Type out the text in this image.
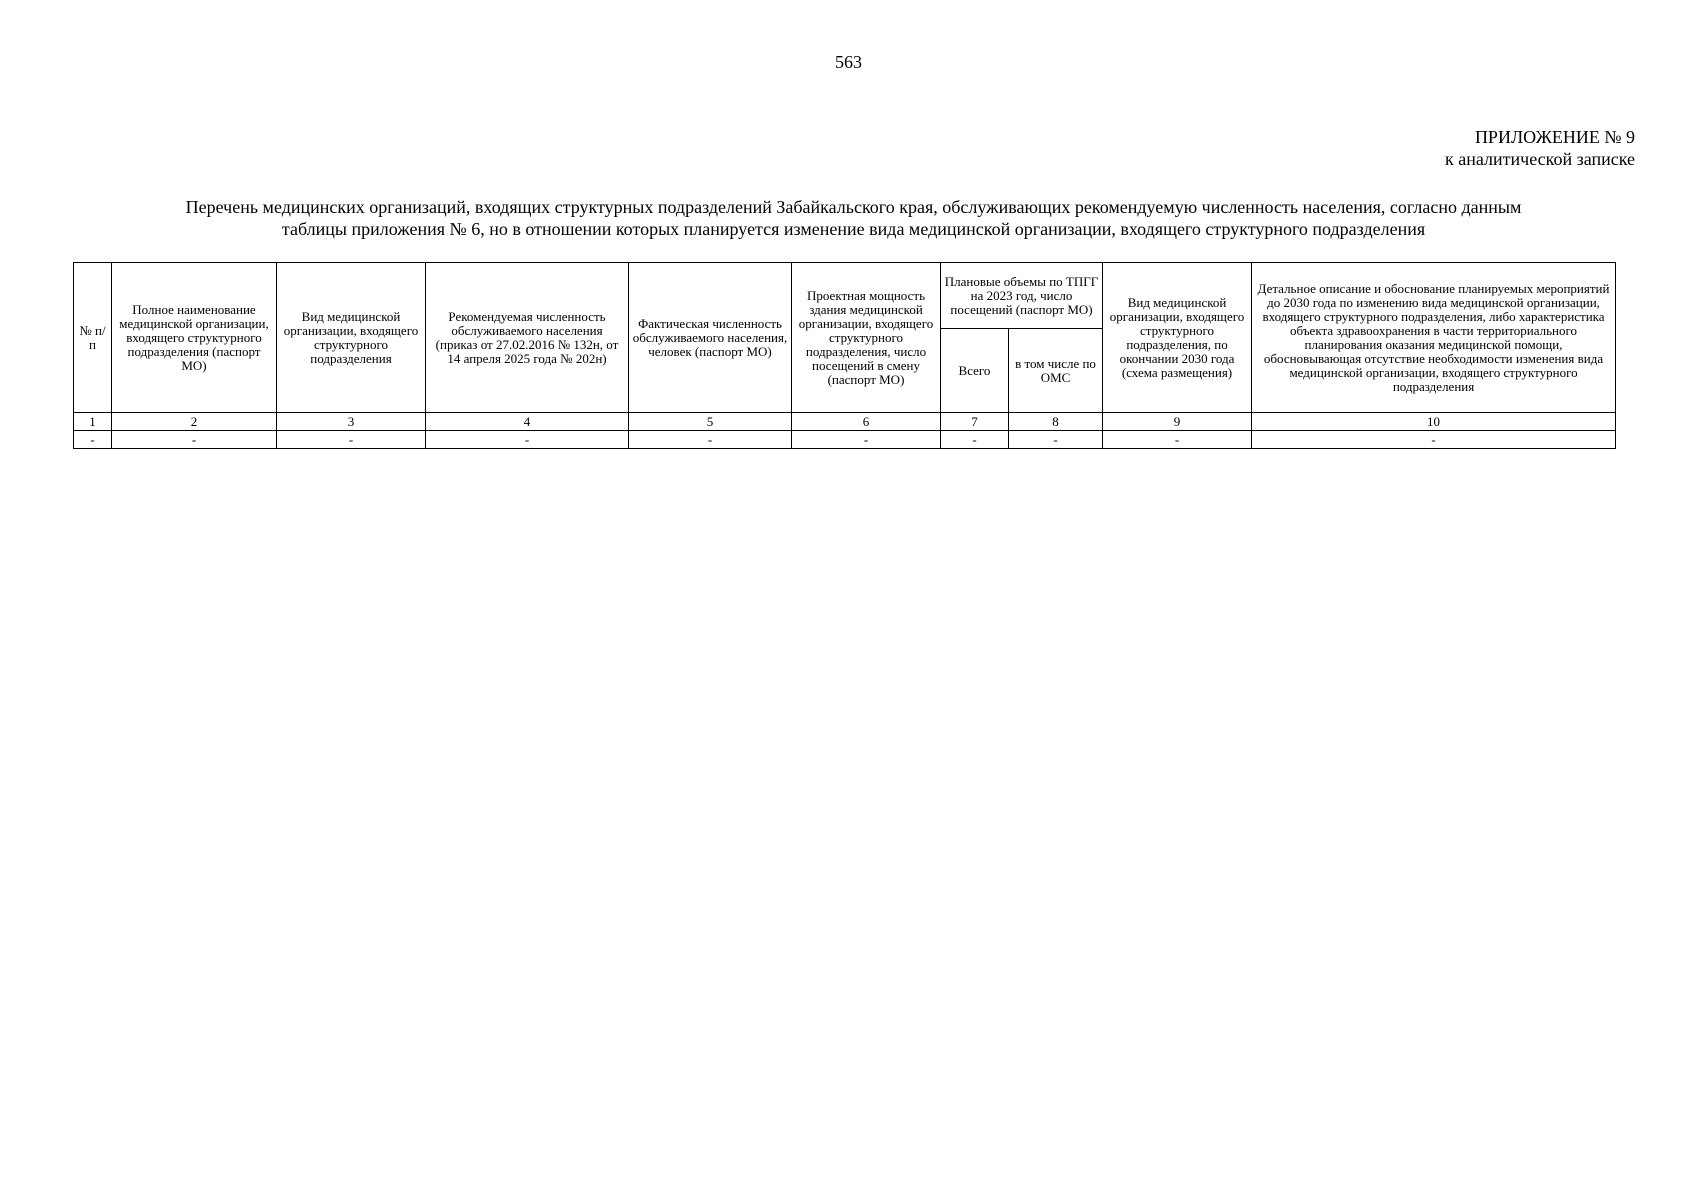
563
ПРИЛОЖЕНИЕ № 9
к аналитической записке
Перечень медицинских организаций, входящих структурных подразделений Забайкальского края, обслуживающих рекомендуемую численность населения, согласно данным
таблицы приложения № 6, но в отношении которых планируется изменение вида медицинской организации, входящего структурного подразделения
№ п/п	Полное наименование медицинской организации, входящего структурного подразделения (паспорт МО)	Вид медицинской организации, входящего структурного подразделения	Рекомендуемая численность обслуживаемого населения (приказ от 27.02.2016 № 132н, от 14 апреля 2025 года № 202н)	Фактическая численность обслуживаемого населения, человек (паспорт МО)	Проектная мощность здания медицинской организации, входящего структурного подразделения, число посещений в смену (паспорт МО)	Плановые объемы по ТПГГ на 2023 год, число посещений (паспорт МО)		Вид медицинской организации, входящего структурного подразделения, по окончании 2030 года (схема размещения)	Детальное описание и обоснование планируемых мероприятий до 2030 года по изменению вида медицинской организации, входящего структурного подразделения, либо характеристика объекта здравоохранения в части территориального планирования оказания медицинской помощи, обосновывающая отсутствие необходимости изменения вида медицинской организации, входящего структурного подразделения
						Всего	в том числе по ОМС		
1	2	3	4	5	6	7	8	9	10
-	-	-	-	-	-	-	-	-	-
